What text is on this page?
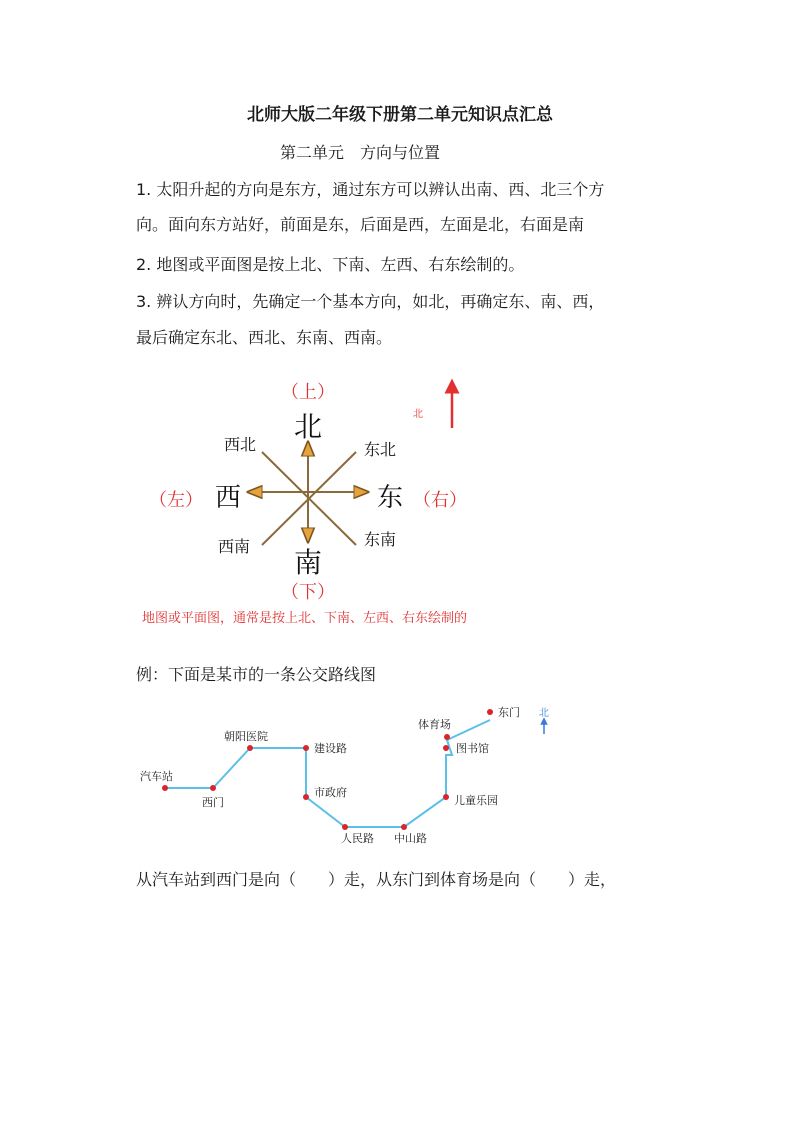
北师大版二年级下册第二单元知识点汇总
第二单元　方向与位置
1. 太阳升起的方向是东方，通过东方可以辨认出南、西、北三个方
向。面向东方站好，前面是东，后面是西，左面是北，右面是南
2. 地图或平面图是按上北、下南、左西、右东绘制的。
3. 辨认方向时，先确定一个基本方向，如北，再确定东、南、西，
最后确定东北、西北、东南、西南。
（上）
北
西北	东北
（左） 西	东 （右）
西南	东南
南
（下）
北
地图或平面图，通常是按上北、下南、左西、右东绘制的
例：下面是某市的一条公交路线图
汽车站
西门
朝阳医院
建设路
市政府
人民路 中山路
儿童乐园
图书馆
体育场
东门 北
从汽车站到西门是向（　　）走，从东门到体育场是向（　　）走，
